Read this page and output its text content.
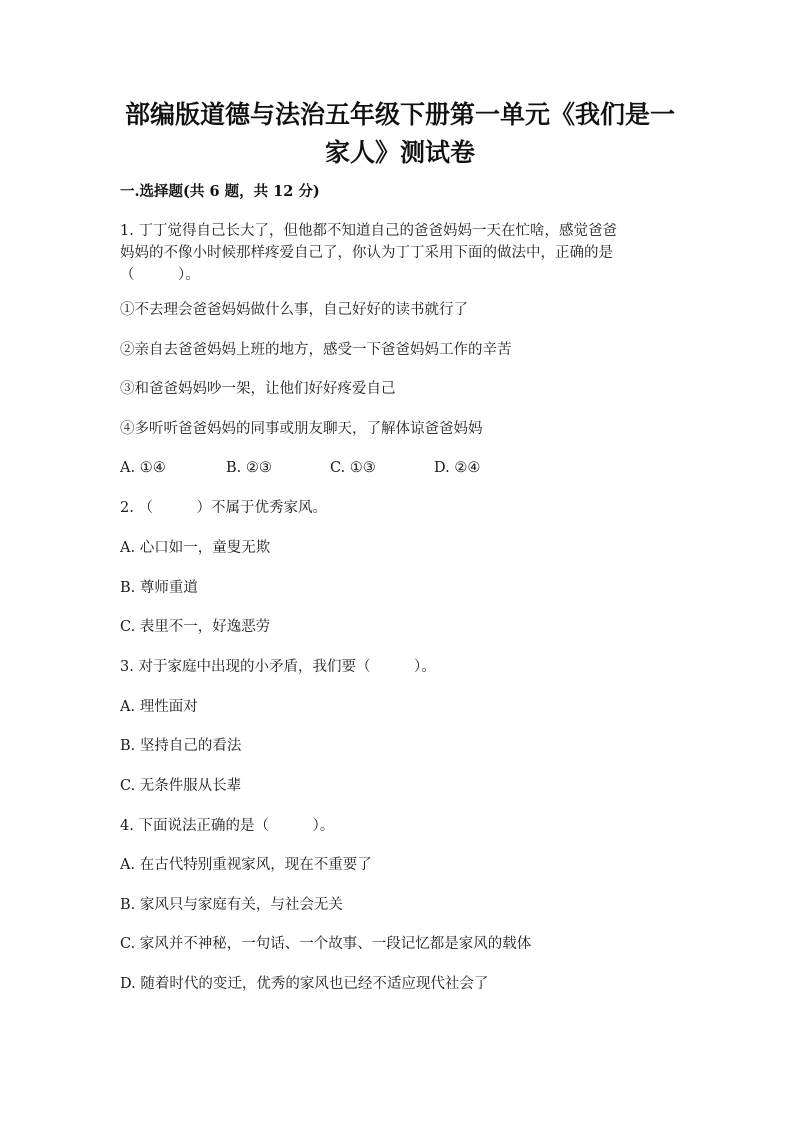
部编版道德与法治五年级下册第一单元《我们是一
家人》测试卷
一.选择题(共 6 题，共 12 分)
1. 丁丁觉得自己长大了，但他都不知道自己的爸爸妈妈一天在忙啥，感觉爸爸
妈妈的不像小时候那样疼爱自己了，你认为丁丁采用下面的做法中，正确的是
（　　　）。
①不去理会爸爸妈妈做什么事，自己好好的读书就行了
②亲自去爸爸妈妈上班的地方，感受一下爸爸妈妈工作的辛苦
③和爸爸妈妈吵一架，让他们好好疼爱自己
④多听听爸爸妈妈的同事或朋友聊天，了解体谅爸爸妈妈
A. ①④	B. ②③	C. ①③	D. ②④
2. （　　　）不属于优秀家风。
A. 心口如一，童叟无欺
B. 尊师重道
C. 表里不一，好逸恶劳
3. 对于家庭中出现的小矛盾，我们要（　　　）。
A. 理性面对
B. 坚持自己的看法
C. 无条件服从长辈
4. 下面说法正确的是（　　　）。
A. 在古代特别重视家风，现在不重要了
B. 家风只与家庭有关，与社会无关
C. 家风并不神秘，一句话、一个故事、一段记忆都是家风的载体
D. 随着时代的变迁，优秀的家风也已经不适应现代社会了
